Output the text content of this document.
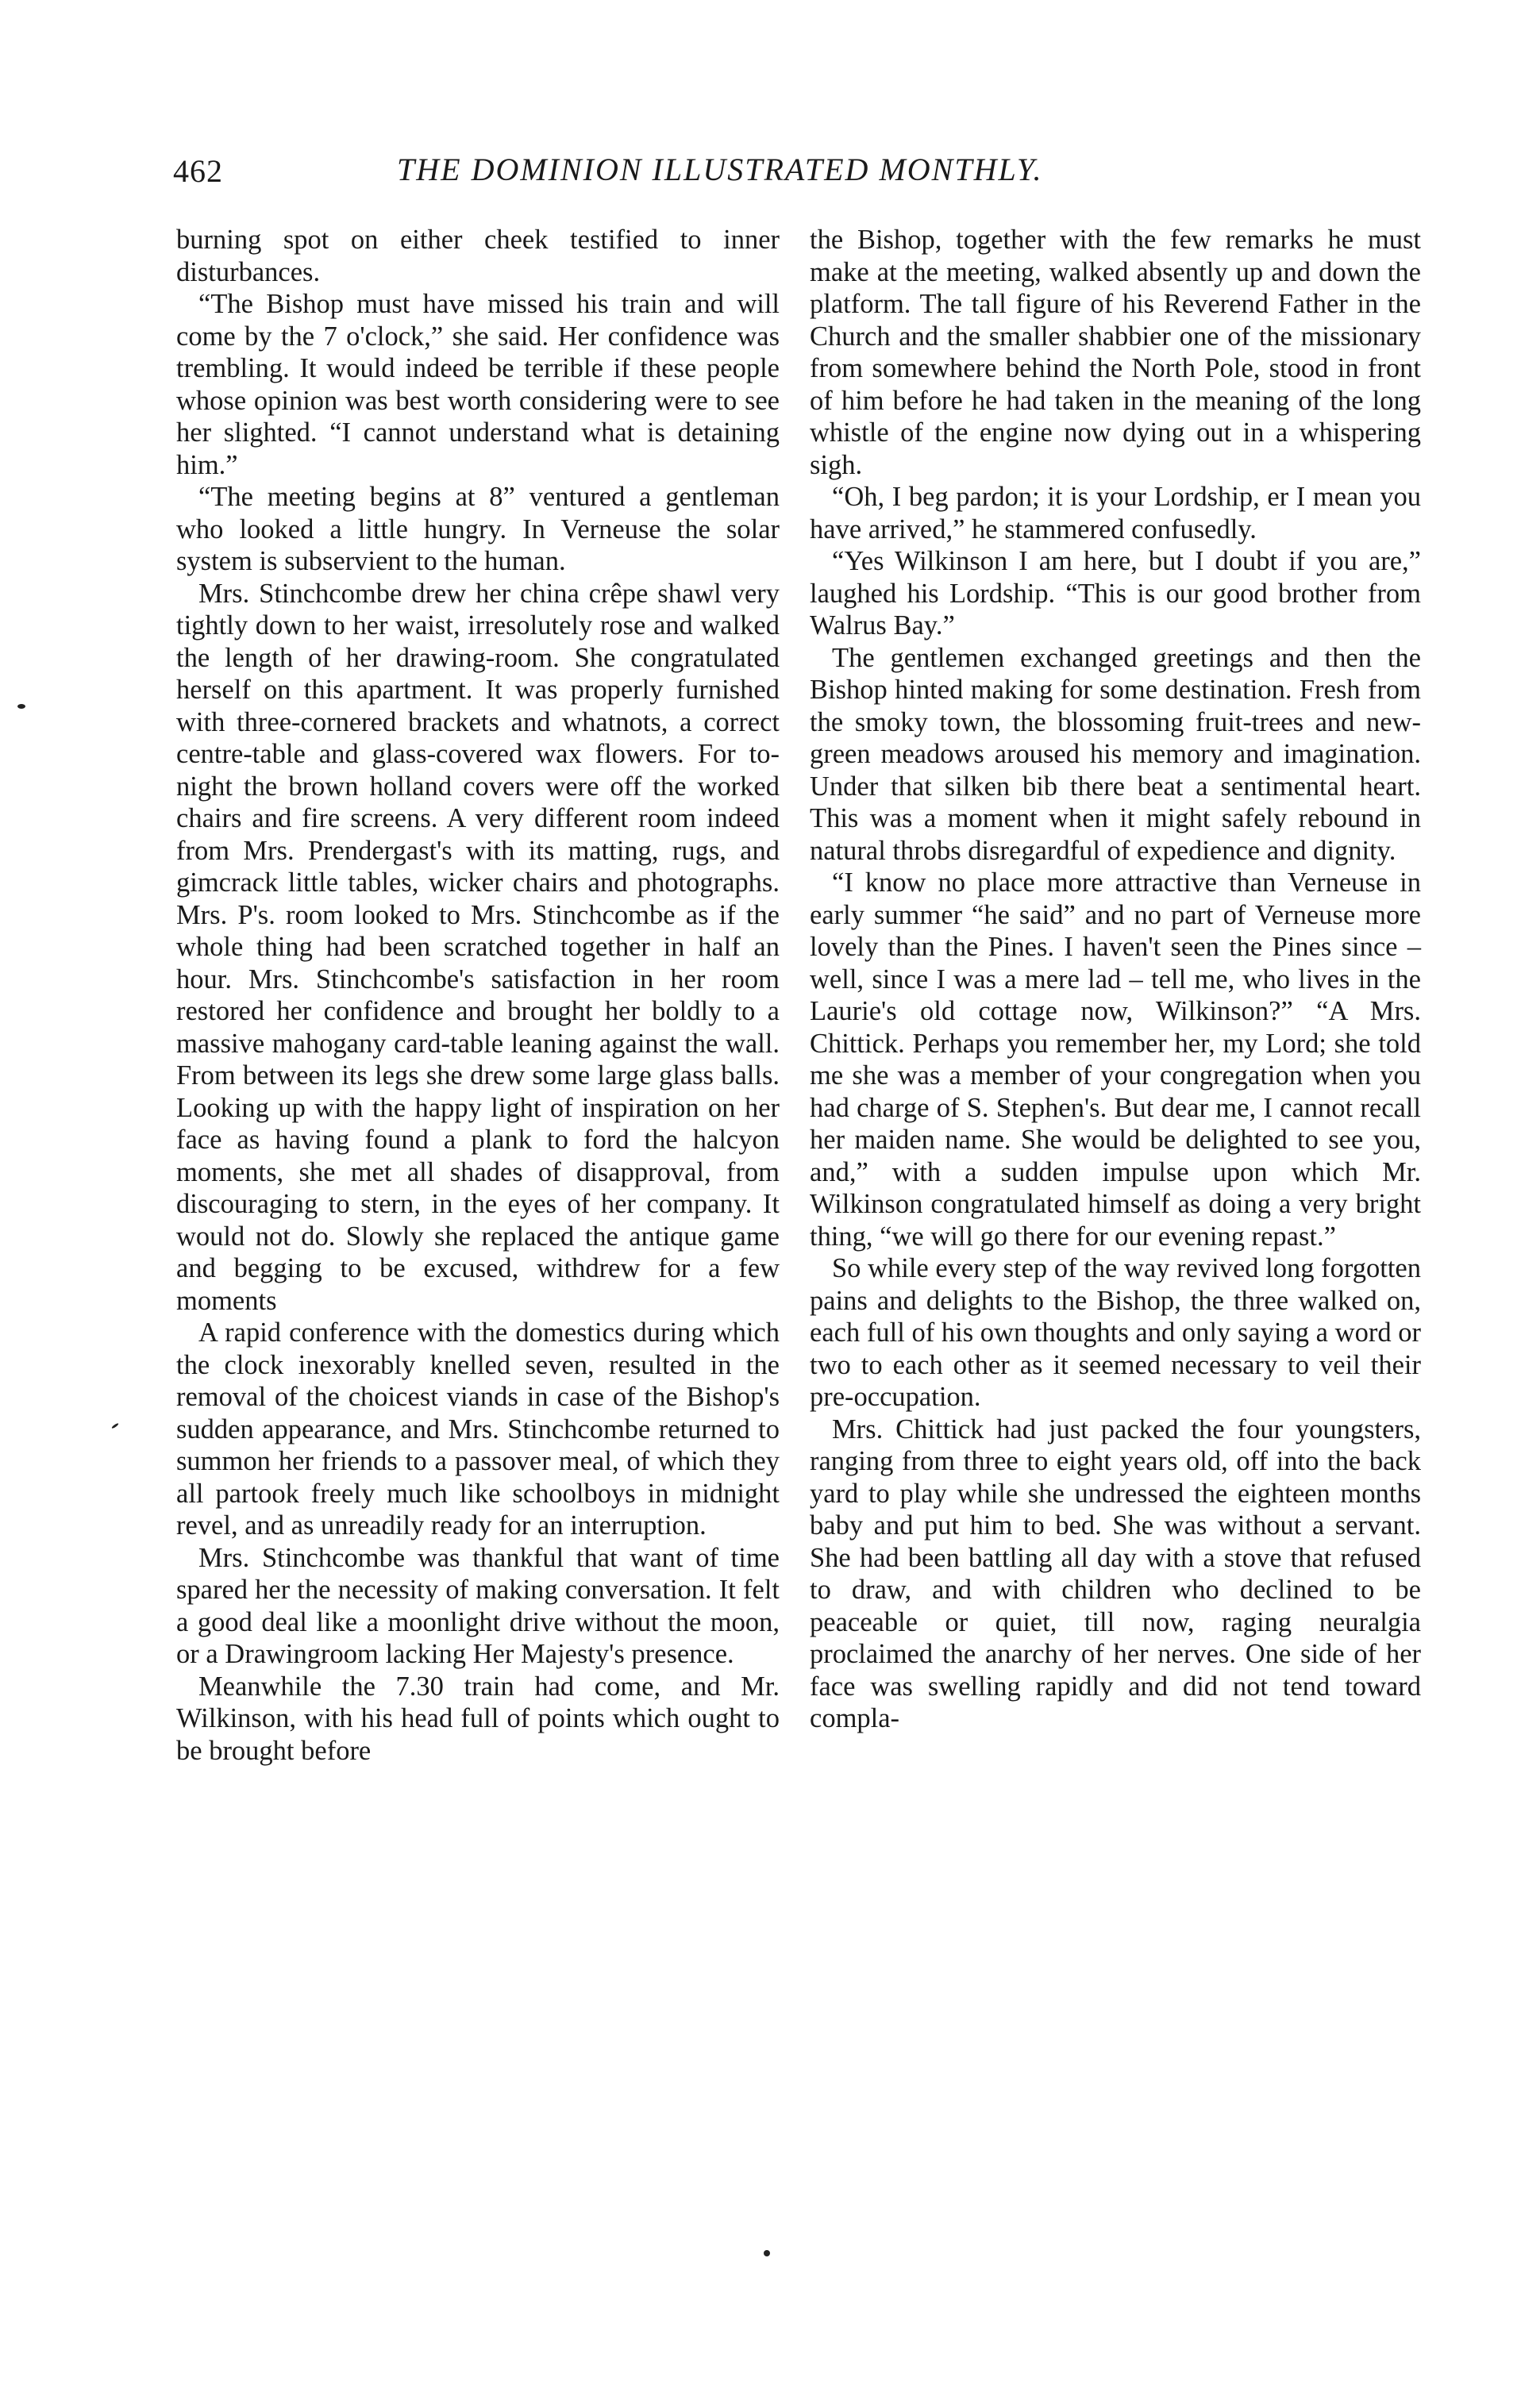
462	THE DOMINION ILLUSTRATED MONTHLY.

burning spot on either cheek testified to inner disturbances.

“The Bishop must have missed his train and will come by the 7 o'clock,” she said. Her confidence was trembling. It would indeed be terrible if these people whose opinion was best worth considering were to see her slighted. “I cannot understand what is detaining him.”

“The meeting begins at 8” ventured a gentleman who looked a little hungry. In Verneuse the solar system is subservient to the human.

Mrs. Stinchcombe drew her china crêpe shawl very tightly down to her waist, irresolutely rose and walked the length of her drawing-room. She congratulated herself on this apartment. It was properly furnished with three-cornered brackets and whatnots, a correct centre-table and glass-covered wax flowers. For to-night the brown holland covers were off the worked chairs and fire screens. A very different room indeed from Mrs. Prendergast's with its matting, rugs, and gimcrack little tables, wicker chairs and photographs. Mrs. P's. room looked to Mrs. Stinchcombe as if the whole thing had been scratched together in half an hour. Mrs. Stinchcombe's satisfaction in her room restored her confidence and brought her boldly to a massive mahogany card-table leaning against the wall. From between its legs she drew some large glass balls. Looking up with the happy light of inspiration on her face as having found a plank to ford the halcyon moments, she met all shades of disapproval, from discouraging to stern, in the eyes of her company. It would not do. Slowly she replaced the antique game and begging to be excused, withdrew for a few moments

A rapid conference with the domestics during which the clock inexorably knelled seven, resulted in the removal of the choicest viands in case of the Bishop's sudden appearance, and Mrs. Stinchcombe returned to summon her friends to a passover meal, of which they all partook freely much like schoolboys in midnight revel, and as unreadily ready for an interruption.

Mrs. Stinchcombe was thankful that want of time spared her the necessity of making conversation. It felt a good deal like a moonlight drive without the moon, or a Drawingroom lacking Her Majesty's presence.

Meanwhile the 7.30 train had come, and Mr. Wilkinson, with his head full of points which ought to be brought before

the Bishop, together with the few remarks he must make at the meeting, walked absently up and down the platform. The tall figure of his Reverend Father in the Church and the smaller shabbier one of the missionary from somewhere behind the North Pole, stood in front of him before he had taken in the meaning of the long whistle of the engine now dying out in a whispering sigh.

“Oh, I beg pardon; it is your Lordship, er I mean you have arrived,” he stammered confusedly.

“Yes Wilkinson I am here, but I doubt if you are,” laughed his Lordship. “This is our good brother from Walrus Bay.”

The gentlemen exchanged greetings and then the Bishop hinted making for some destination. Fresh from the smoky town, the blossoming fruit-trees and new-green meadows aroused his memory and imagination. Under that silken bib there beat a sentimental heart. This was a moment when it might safely rebound in natural throbs disregardful of expedience and dignity.

“I know no place more attractive than Verneuse in early summer “he said” and no part of Verneuse more lovely than the Pines. I haven't seen the Pines since – well, since I was a mere lad – tell me, who lives in the Laurie's old cottage now, Wilkinson?” “A Mrs. Chittick. Perhaps you remember her, my Lord; she told me she was a member of your congregation when you had charge of S. Stephen's. But dear me, I cannot recall her maiden name. She would be delighted to see you, and,” with a sudden impulse upon which Mr. Wilkinson congratulated himself as doing a very bright thing, “we will go there for our evening repast.”

So while every step of the way revived long forgotten pains and delights to the Bishop, the three walked on, each full of his own thoughts and only saying a word or two to each other as it seemed necessary to veil their pre-occupation.

Mrs. Chittick had just packed the four youngsters, ranging from three to eight years old, off into the back yard to play while she undressed the eighteen months baby and put him to bed. She was without a servant. She had been battling all day with a stove that refused to draw, and with children who declined to be peaceable or quiet, till now, raging neuralgia proclaimed the anarchy of her nerves. One side of her face was swelling rapidly and did not tend toward compla-
